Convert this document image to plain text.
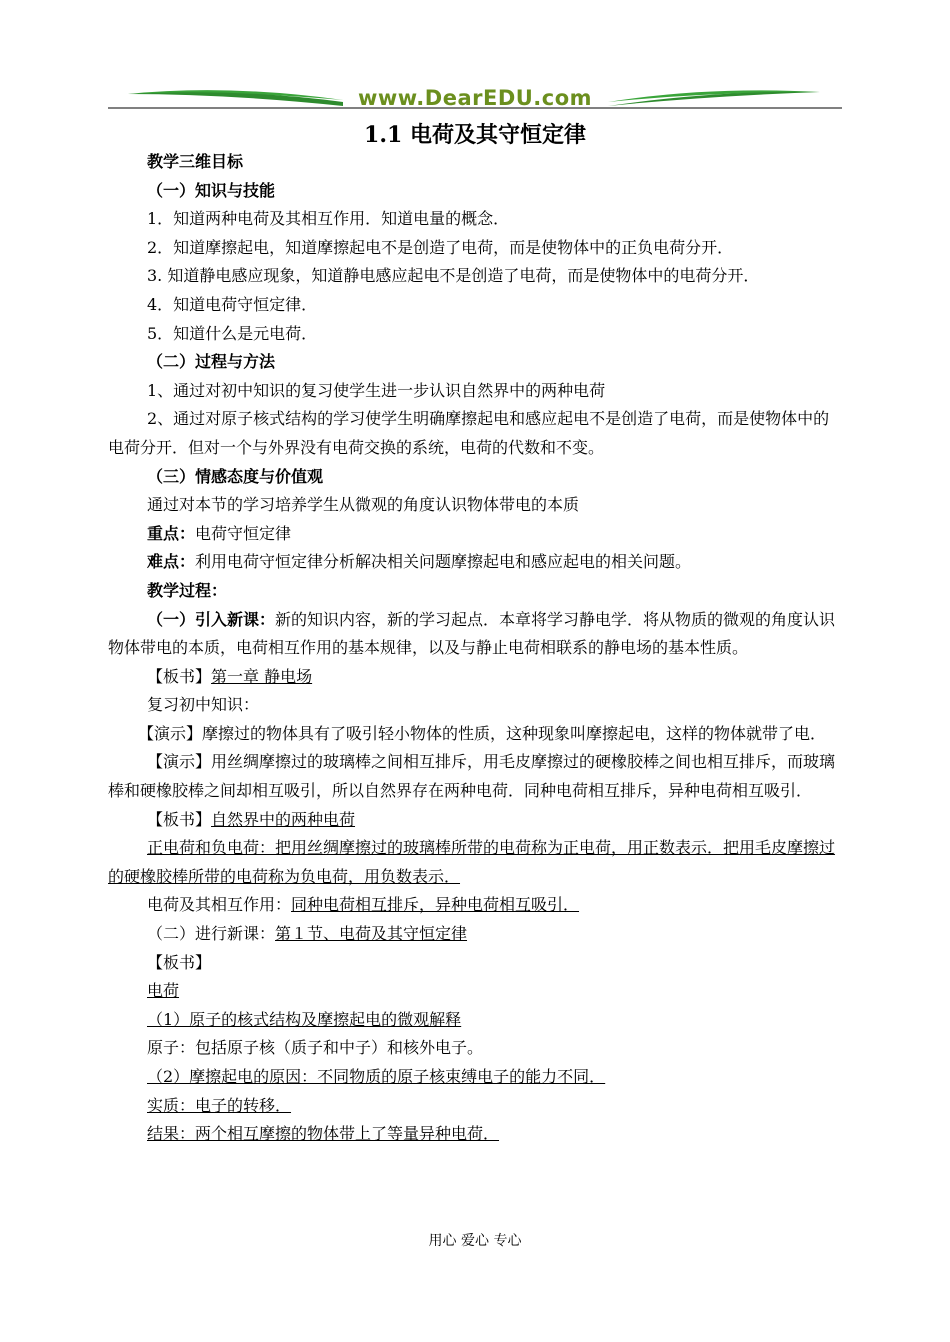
www.DearEDU.com
1.1 电荷及其守恒定律

教学三维目标

（一）知识与技能

1．知道两种电荷及其相互作用．知道电量的概念．

2．知道摩擦起电，知道摩擦起电不是创造了电荷，而是使物体中的正负电荷分开．

3. 知道静电感应现象，知道静电感应起电不是创造了电荷，而是使物体中的电荷分开．

4．知道电荷守恒定律．

5．知道什么是元电荷．

（二）过程与方法

1、通过对初中知识的复习使学生进一步认识自然界中的两种电荷

2、通过对原子核式结构的学习使学生明确摩擦起电和感应起电不是创造了电荷，而是使物体中的电荷分开．但对一个与外界没有电荷交换的系统，电荷的代数和不变。

（三）情感态度与价值观

通过对本节的学习培养学生从微观的角度认识物体带电的本质

重点：电荷守恒定律

难点：利用电荷守恒定律分析解决相关问题摩擦起电和感应起电的相关问题。

教学过程：

（一）引入新课：新的知识内容，新的学习起点．本章将学习静电学．将从物质的微观的角度认识物体带电的本质，电荷相互作用的基本规律，以及与静止电荷相联系的静电场的基本性质。

【板书】第一章 静电场

复习初中知识：

【演示】摩擦过的物体具有了吸引轻小物体的性质，这种现象叫摩擦起电，这样的物体就带了电．

【演示】用丝绸摩擦过的玻璃棒之间相互排斥，用毛皮摩擦过的硬橡胶棒之间也相互排斥，而玻璃棒和硬橡胶棒之间却相互吸引，所以自然界存在两种电荷．同种电荷相互排斥，异种电荷相互吸引．

【板书】自然界中的两种电荷

正电荷和负电荷：把用丝绸摩擦过的玻璃棒所带的电荷称为正电荷，用正数表示．把用毛皮摩擦过的硬橡胶棒所带的电荷称为负电荷，用负数表示．

电荷及其相互作用：同种电荷相互排斥，异种电荷相互吸引．

（二）进行新课：第１节、电荷及其守恒定律

【板书】

电荷

（1）原子的核式结构及摩擦起电的微观解释

原子：包括原子核（质子和中子）和核外电子。

（2）摩擦起电的原因：不同物质的原子核束缚电子的能力不同．

实质：电子的转移．

结果：两个相互摩擦的物体带上了等量异种电荷．

用心 爱心 专心
